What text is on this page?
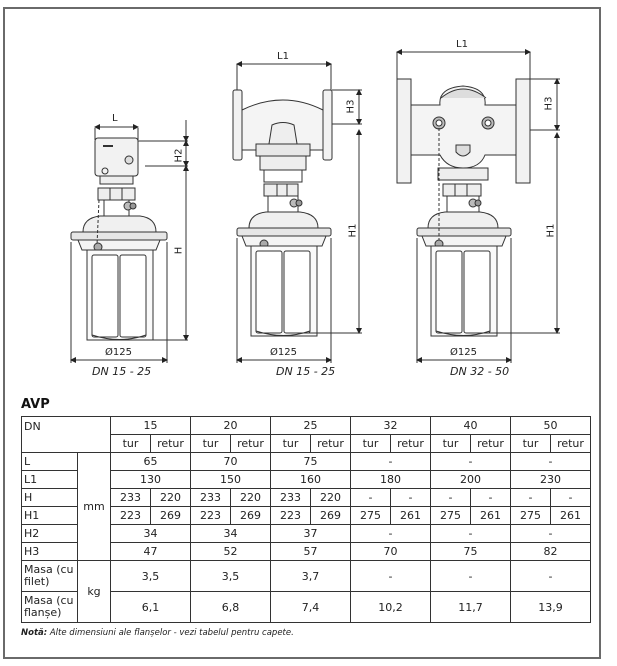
L
H2
H
Ø125
L1
H3
H1
Ø125
L1
H3
H1
Ø125
DN 15 - 25	DN 15 - 25	DN 32 - 50
AVP
DN		15		20		25		32		40		50	
		tur	retur	tur	retur	tur	retur	tur	retur	tur	retur	tur	retur
L	mm	65		70		75		-		-		-	
L1		130		150		160		180		200		230	
H		233	220	233	220	233	220	-	-	-	-	-	-
H1		223	269	223	269	223	269	275	261	275	261	275	261
H2		34		34		37		-		-		-	
H3		47		52		57		70		75		82	
Masa (cu filet)	kg	3,5		3,5		3,7		-		-		-	
Masa (cu flanșe)		6,1		6,8		7,4		10,2		11,7		13,9	
Notă: Alte dimensiuni ale flanșelor - vezi tabelul pentru capete.
